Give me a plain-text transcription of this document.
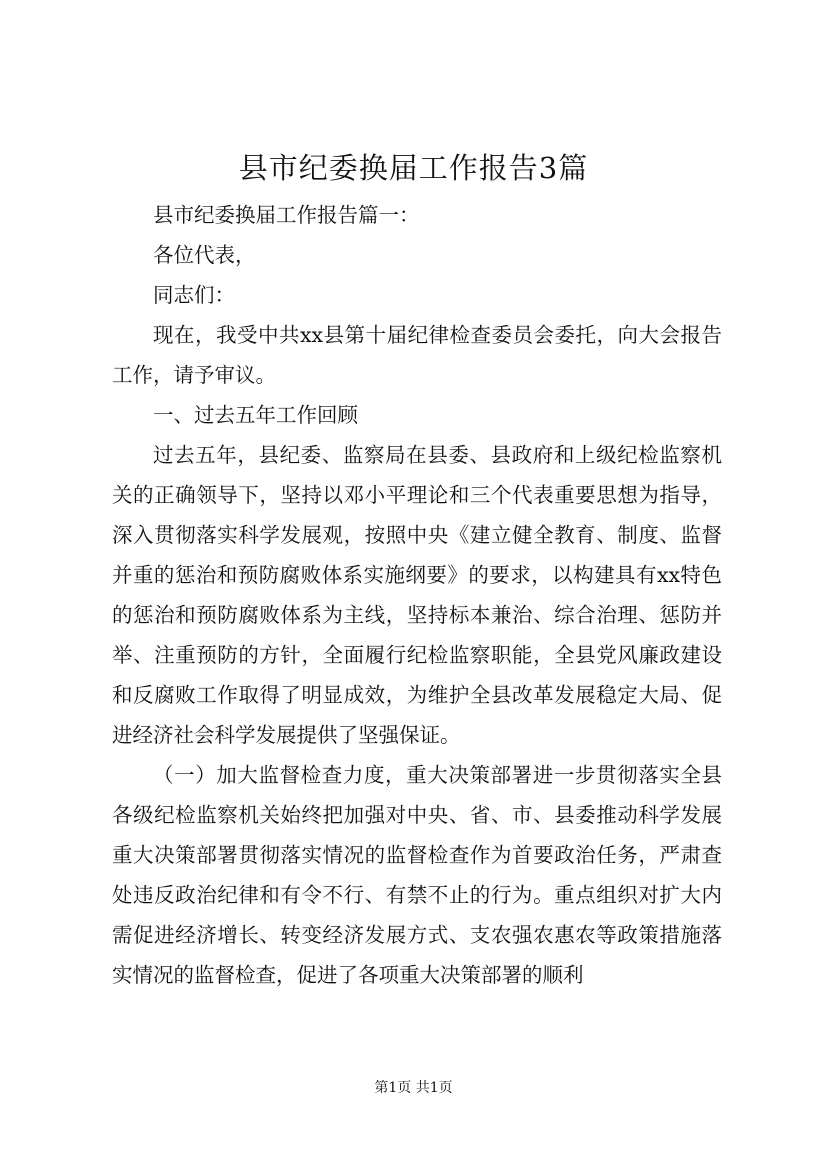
县市纪委换届工作报告3篇

县市纪委换届工作报告篇一：

各位代表，

同志们：

现在，我受中共xx县第十届纪律检查委员会委托，向大会报告工作，请予审议。

一、过去五年工作回顾

过去五年，县纪委、监察局在县委、县政府和上级纪检监察机关的正确领导下，坚持以邓小平理论和三个代表重要思想为指导，深入贯彻落实科学发展观，按照中央《建立健全教育、制度、监督并重的惩治和预防腐败体系实施纲要》的要求，以构建具有xx特色的惩治和预防腐败体系为主线，坚持标本兼治、综合治理、惩防并举、注重预防的方针，全面履行纪检监察职能，全县党风廉政建设和反腐败工作取得了明显成效，为维护全县改革发展稳定大局、促进经济社会科学发展提供了坚强保证。

（一）加大监督检查力度，重大决策部署进一步贯彻落实全县各级纪检监察机关始终把加强对中央、省、市、县委推动科学发展重大决策部署贯彻落实情况的监督检查作为首要政治任务，严肃查处违反政治纪律和有令不行、有禁不止的行为。重点组织对扩大内需促进经济增长、转变经济发展方式、支农强农惠农等政策措施落实情况的监督检查，促进了各项重大决策部署的顺利

第1页 共1页
